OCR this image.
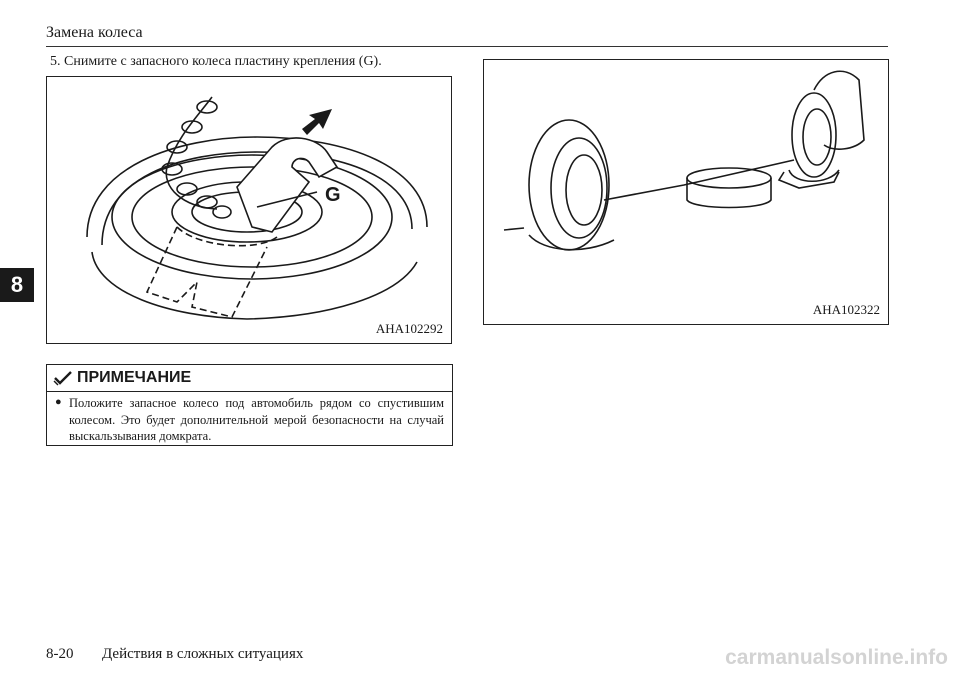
Замена колеса
8
5. Снимите с запасного колеса пластину крепления (G).
G
AHA102292
AHA102322
ПРИМЕЧАНИЕ
● Положите запасное колесо под автомобиль рядом со спустившим колесом. Это будет дополнительной мерой безопасности на случай выскальзывания домкрата.
8-20 Действия в сложных ситуациях	carmanualsonline.info
